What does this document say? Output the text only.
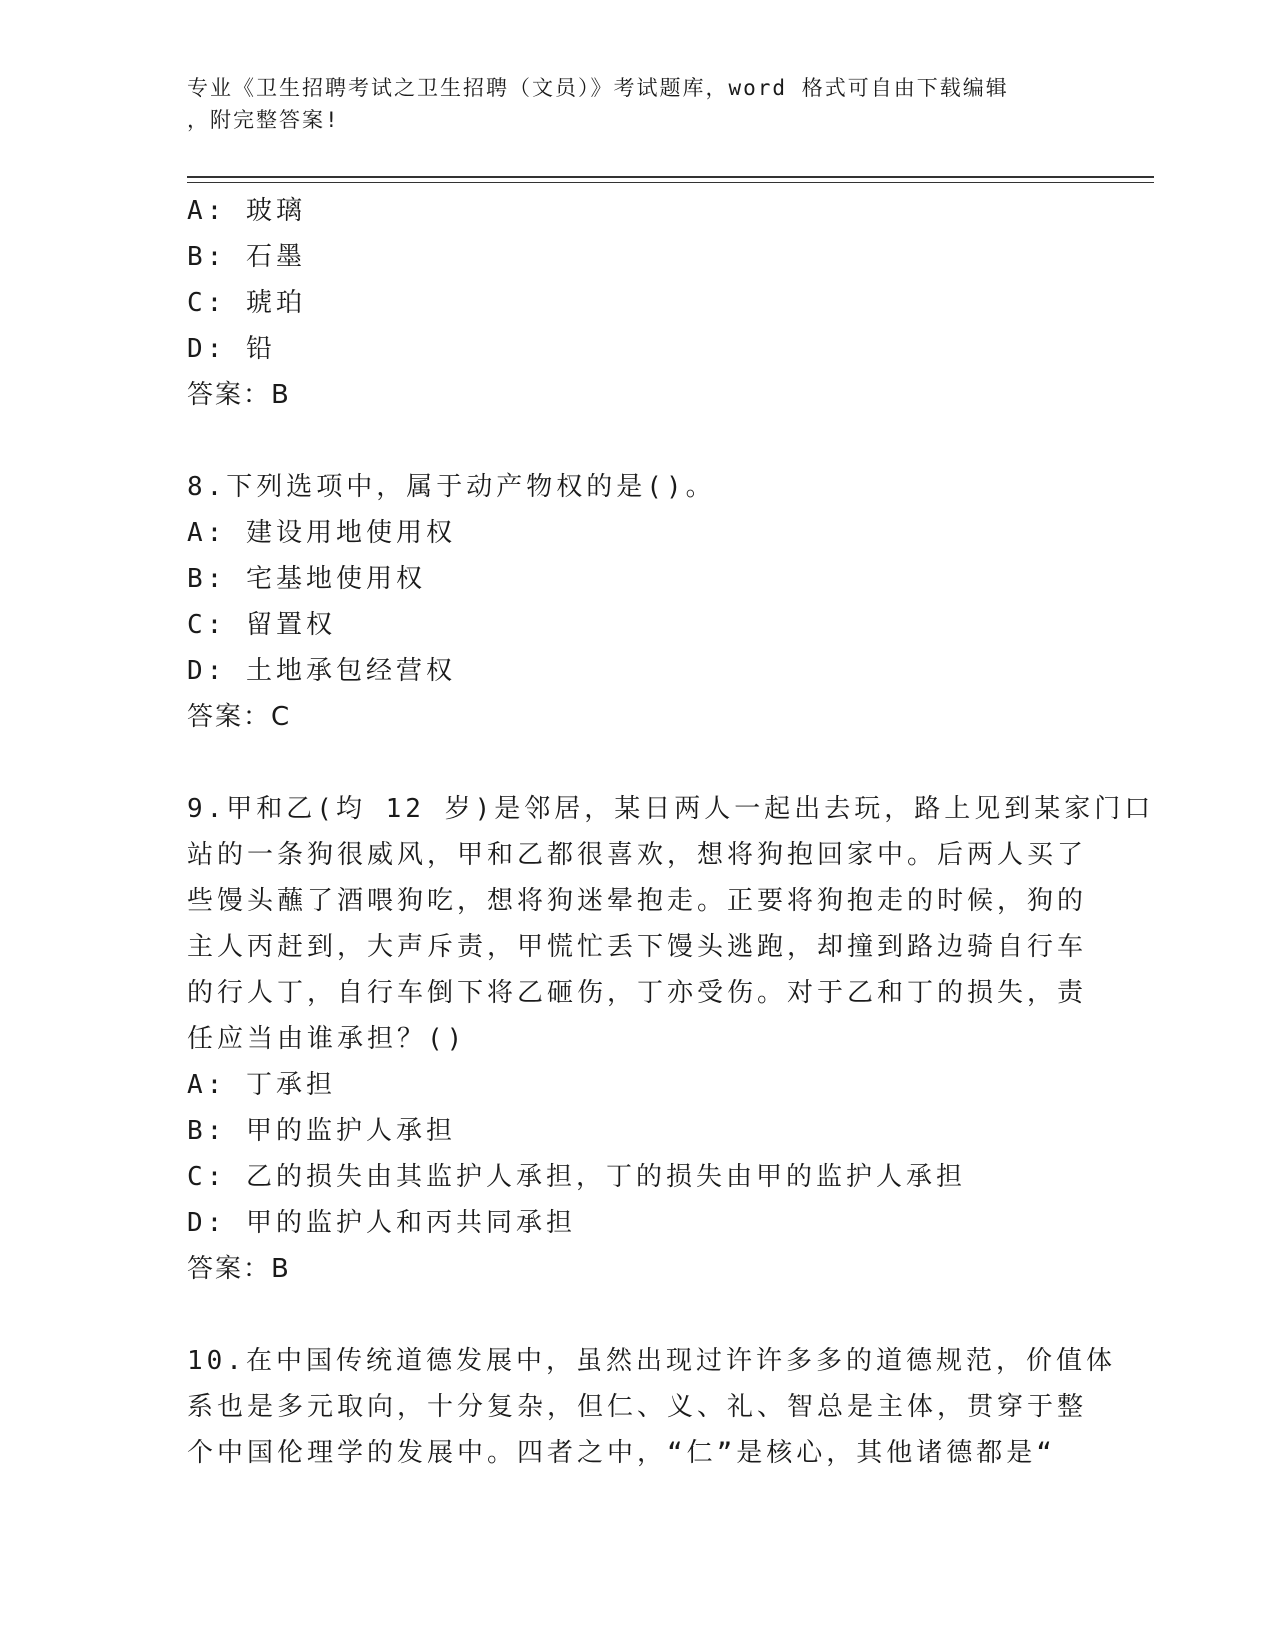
专业《卫生招聘考试之卫生招聘（文员）》考试题库，word 格式可自由下载编辑
，附完整答案!
A: 玻璃
B: 石墨
C: 琥珀
D: 铅
答案：B
8.下列选项中，属于动产物权的是()。
A: 建设用地使用权
B: 宅基地使用权
C: 留置权
D: 土地承包经营权
答案：C
9.甲和乙(均 12 岁)是邻居，某日两人一起出去玩，路上见到某家门口
站的一条狗很威风，甲和乙都很喜欢，想将狗抱回家中。后两人买了
些馒头蘸了酒喂狗吃，想将狗迷晕抱走。正要将狗抱走的时候，狗的
主人丙赶到，大声斥责，甲慌忙丢下馒头逃跑，却撞到路边骑自行车
的行人丁，自行车倒下将乙砸伤，丁亦受伤。对于乙和丁的损失，责
任应当由谁承担？()
A: 丁承担
B: 甲的监护人承担
C: 乙的损失由其监护人承担，丁的损失由甲的监护人承担
D: 甲的监护人和丙共同承担
答案：B
10.在中国传统道德发展中，虽然出现过许许多多的道德规范，价值体
系也是多元取向，十分复杂，但仁、义、礼、智总是主体，贯穿于整
个中国伦理学的发展中。四者之中，“仁”是核心，其他诸德都是“
